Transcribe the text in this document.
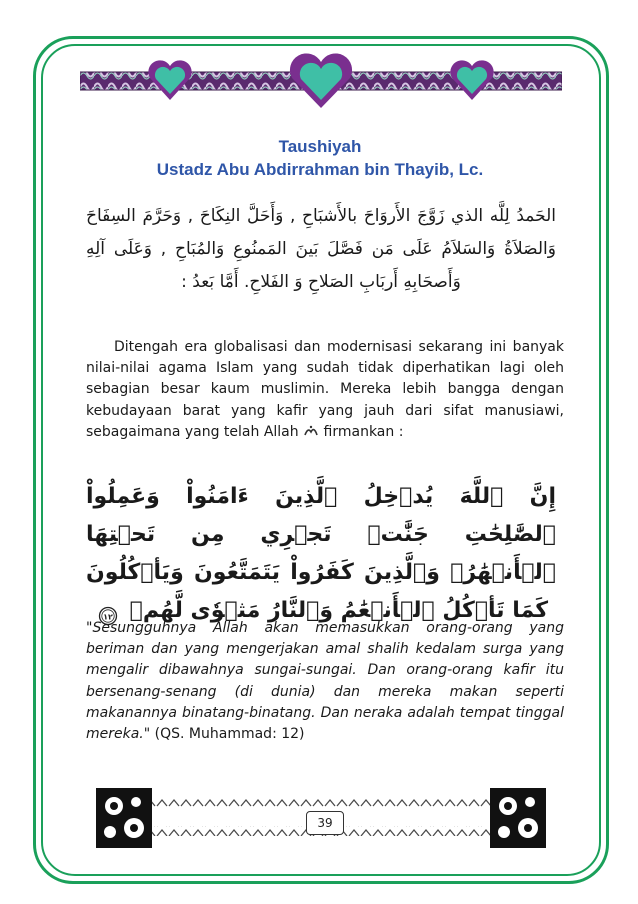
Taushiyah
Ustadz Abu Abdirrahman bin Thayib, Lc.
الحَمدُ لِلَّه الذي زَوَّجَ الأَروَاحَ بالأَشبَاحِ , وَأَحَلَّ النِكَاحَ , وَحَرَّمَ السِفَاحَ وَالصَلاَةُ وَالسَلاَمُ عَلَى مَن فَصَّلَ بَينَ المَمنُوعِ وَالمُبَاحِ , وَعَلَى آلِهِ وَأَصحَابِهِ أَربَابِ الصَلاحِ وَ الفَلاحِ. أَمَّا بَعدُ :

Ditengah era globalisasi dan modernisasi sekarang ini banyak nilai-nilai agama Islam yang sudah tidak diperhatikan lagi oleh sebagian besar kaum muslimin. Mereka lebih bangga dengan kebudayaan barat yang kafir yang jauh dari sifat manusiawi, sebagaimana yang telah Allah  firmankan :

إِنَّ ٱللَّهَ يُدۡخِلُ ٱلَّذِينَ ءَامَنُواْ وَعَمِلُواْ ٱلصَّٰلِحَٰتِ جَنَّٰتٖ تَجۡرِي مِن تَحۡتِهَا ٱلۡأَنۡهَٰرُۖ وَٱلَّذِينَ كَفَرُواْ يَتَمَتَّعُونَ وَيَأۡكُلُونَ كَمَا تَأۡكُلُ ٱلۡأَنۡعَٰمُ وَٱلنَّارُ مَثۡوٗى لَّهُمۡ
١٢
"Sesungguhnya Allah akan memasukkan orang-orang yang beriman dan yang mengerjakan amal shalih kedalam surga yang mengalir dibawahnya sungai-sungai. Dan orang-orang kafir itu bersenang-senang (di dunia) dan mereka makan seperti makanannya binatang-binatang. Dan neraka adalah tempat tinggal mereka." (QS. Muhammad: 12)
39
